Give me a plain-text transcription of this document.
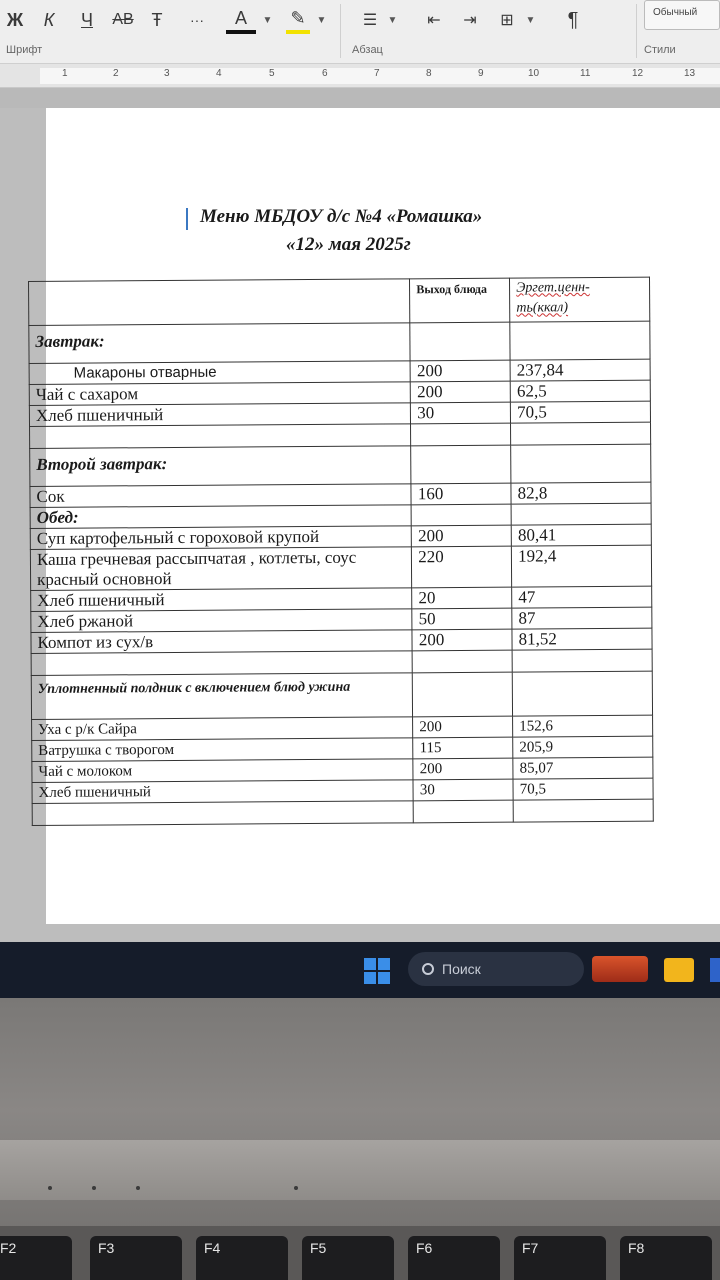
Ж	К	Ч	AB Ŧ	···	A ▼ ✎ ▼
Шрифт
☰	▼	⇤	⇥	⊞	▼	¶
Абзац
Обычный
Стили
1	2	3	4	5	6	7	8	9	10	11	12	13
Меню МБДОУ д/с №4 «Ромашка»
«12» мая 2025г
	Выход блюда	Эргет.ценн-
ть(ккал)
Завтрак:		
Макароны отварные	200	237,84
Чай с сахаром	200	62,5
Хлеб пшеничный	30	70,5

Второй завтрак:		
Сок	160	82,8
Обед:		
Суп картофельный с гороховой крупой	200	80,41
Каша гречневая рассыпчатая , котлеты, соус красный основной	220	192,4
Хлеб пшеничный	20	47
Хлеб ржаной	50	87
Компот из сух/в	200	81,52

Уплотненный полдник с включением блюд ужина		
Уха с р/к Сайра	200	152,6
Ватрушка с творогом	115	205,9
Чай с молоком	200	85,07
Хлеб пшеничный	30	70,5

Поиск
F2	F3	F4	F5	F6	F7	F8
